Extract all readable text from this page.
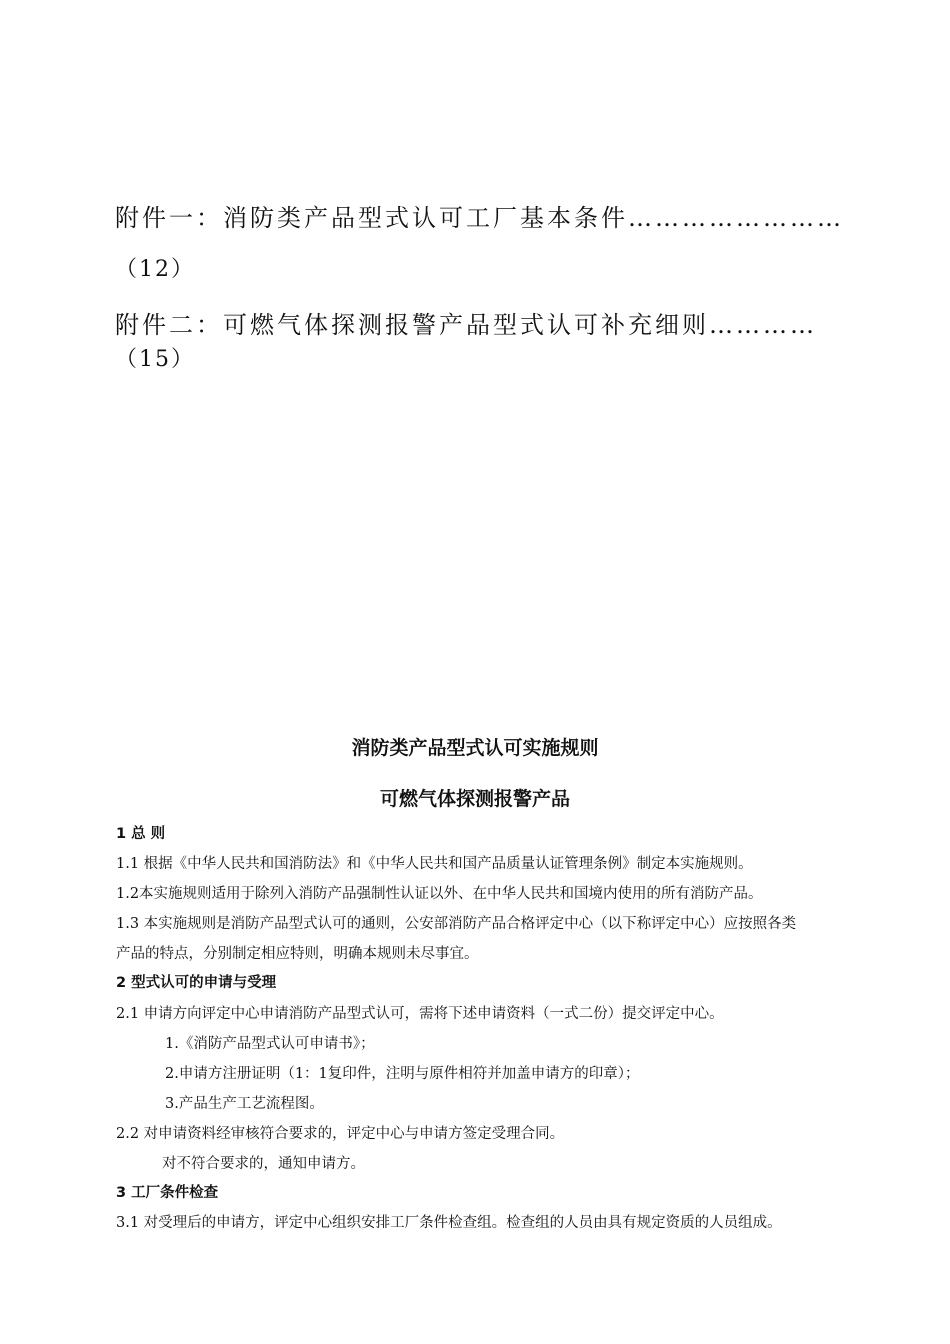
附件一：消防类产品型式认可工厂基本条件……………………
（12）
附件二：可燃气体探测报警产品型式认可补充细则…………
（15）
消防类产品型式认可实施规则
可燃气体探测报警产品
1 总 则
1.1 根据《中华人民共和国消防法》和《中华人民共和国产品质量认证管理条例》制定本实施规则。
1.2本实施规则适用于除列入消防产品强制性认证以外、在中华人民共和国境内使用的所有消防产品。
1.3 本实施规则是消防产品型式认可的通则，公安部消防产品合格评定中心（以下称评定中心）应按照各类
产品的特点，分别制定相应特则，明确本规则未尽事宜。
2 型式认可的申请与受理
2.1 申请方向评定中心申请消防产品型式认可，需将下述申请资料（一式二份）提交评定中心。
1.《消防产品型式认可申请书》；
2.申请方注册证明（1：1复印件，注明与原件相符并加盖申请方的印章）；
3.产品生产工艺流程图。
2.2 对申请资料经审核符合要求的，评定中心与申请方签定受理合同。
对不符合要求的，通知申请方。
3 工厂条件检查
3.1 对受理后的申请方，评定中心组织安排工厂条件检查组。检查组的人员由具有规定资质的人员组成。
